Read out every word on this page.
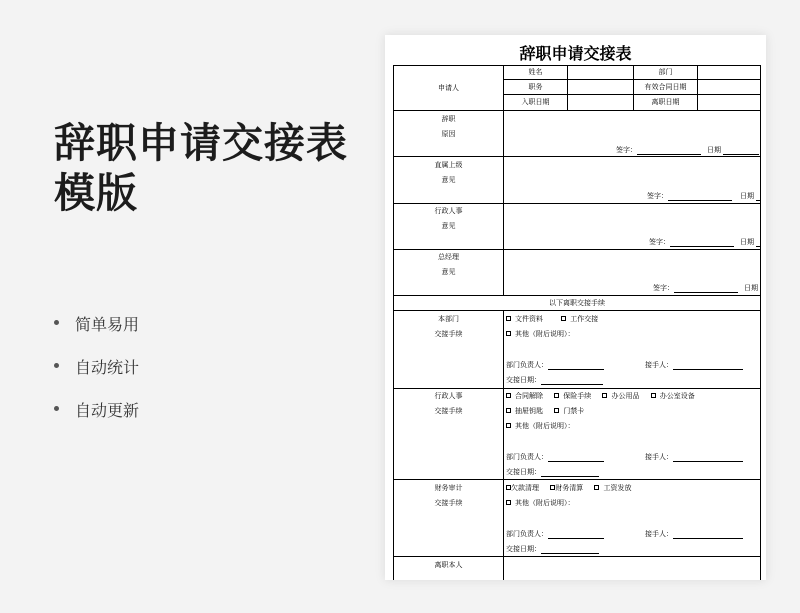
辞职申请交接表
模版
简单易用
自动统计
自动更新
辞职申请交接表
申请人
姓名	部门
职务	有效合同日期
入职日期	离职日期
辞职
原因
签字：	日期
直属上级
意见
签字：	日期
行政人事
意见
签字：	日期
总经理
意见
签字：	日期
以下离职交接手续
本部门
交接手续
文件资料	工作交接
其他（附后说明）：
部门负责人：	接手人：
交接日期：
行政人事
交接手续
合同解除	保险手续	办公用品	办公室设备
抽屉钥匙	门禁卡
其他（附后说明）：
部门负责人：	接手人：
交接日期：
财务审计
交接手续
欠款清理 财务清算	工资发放
其他（附后说明）：
部门负责人：	接手人：
交接日期：
离职本人
